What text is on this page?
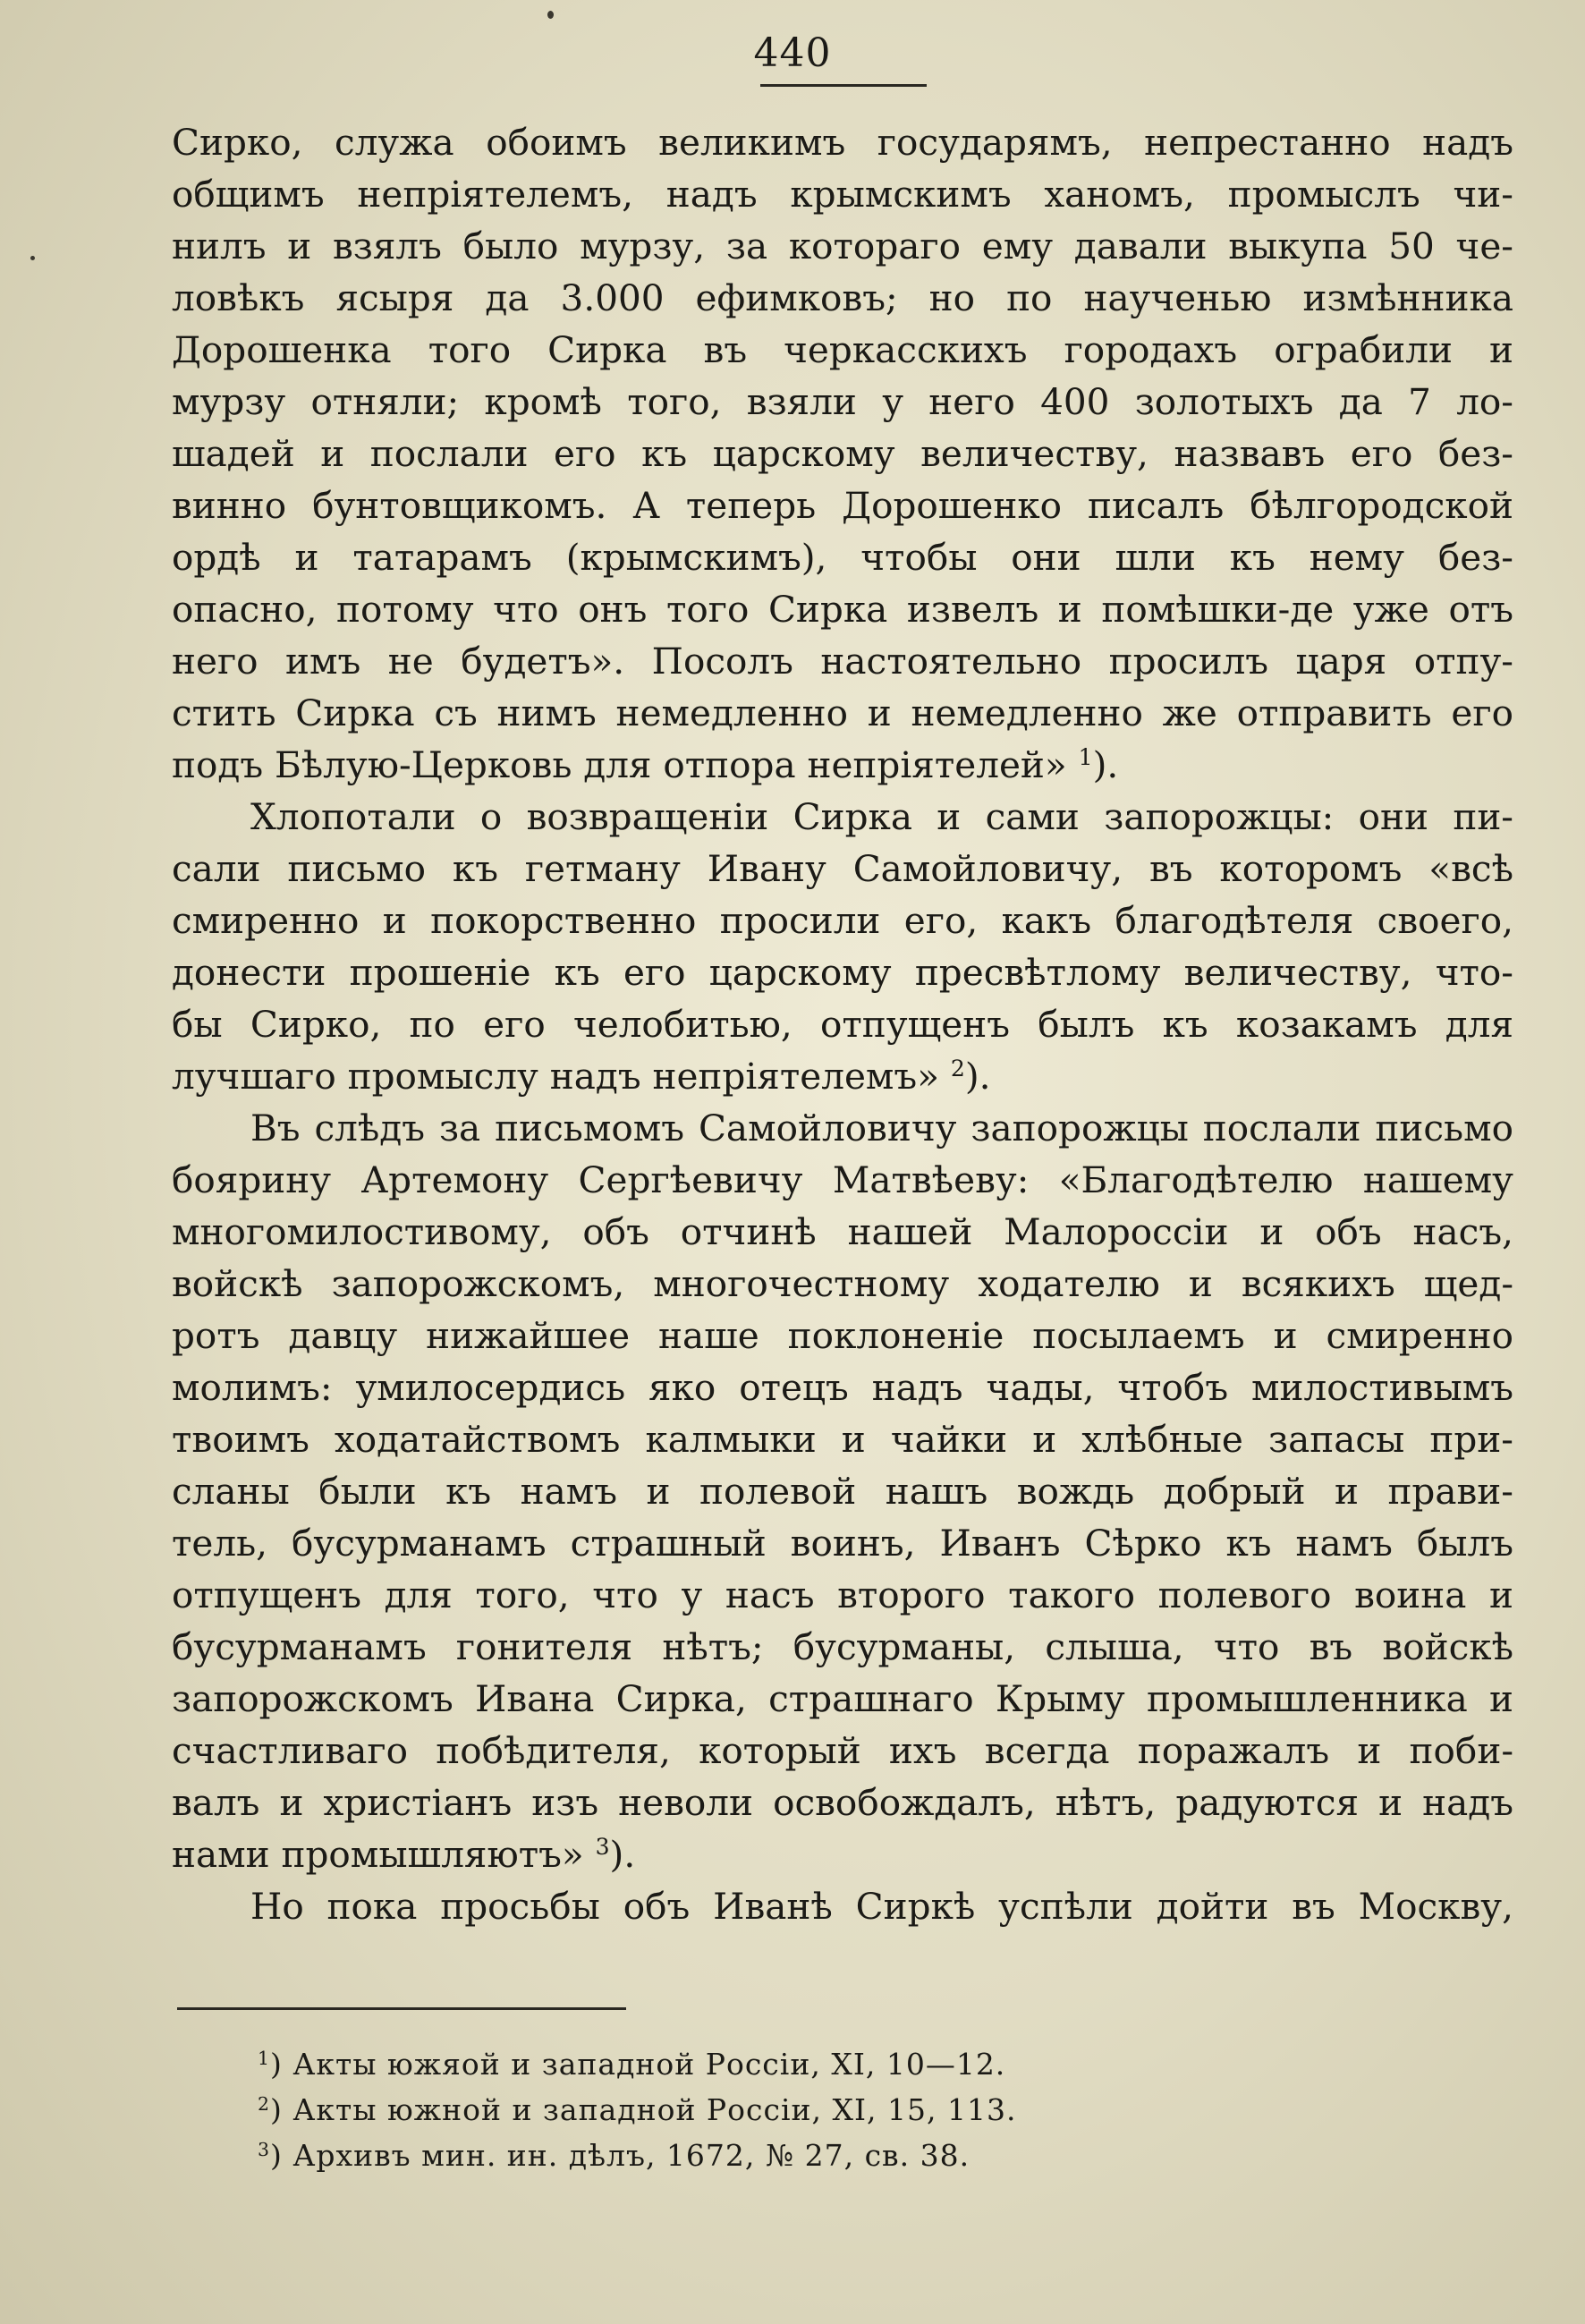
440
Сирко, служа обоимъ великимъ государямъ, непрестанно надъ
общимъ непріятелемъ, надъ крымскимъ ханомъ, промыслъ чи-
нилъ и взялъ было мурзу, за котораго ему давали выкупа 50 че-
ловѣкъ ясыря да 3.000 ефимковъ; но по наученью измѣнника
Дорошенка того Сирка въ черкасскихъ городахъ ограбили и
мурзу отняли; кромѣ того, взяли у него 400 золотыхъ да 7 ло-
шадей и послали его къ царскому величеству, назвавъ его без-
винно бунтовщикомъ. А теперь Дорошенко писалъ бѣлгородской
ордѣ и татарамъ (крымскимъ), чтобы они шли къ нему без-
опасно, потому что онъ того Сирка извелъ и помѣшки-де уже отъ
него имъ не будетъ». Посолъ настоятельно просилъ царя отпу-
стить Сирка съ нимъ немедленно и немедленно же отправить его
подъ Бѣлую-Церковь для отпора непріятелей» $^1$).
Хлопотали о возвращеніи Сирка и сами запорожцы: они пи-
сали письмо къ гетману Ивану Самойловичу, въ которомъ «всѣ
смиренно и покорственно просили его, какъ благодѣтеля своего,
донести прошеніе къ его царскому пресвѣтлому величеству, что-
бы Сирко, по его челобитью, отпущенъ былъ къ козакамъ для
лучшаго промыслу надъ непріятелемъ» $^2$).
Въ слѣдъ за письмомъ Самойловичу запорожцы послали письмо
боярину Артемону Сергѣевичу Матвѣеву: «Благодѣтелю нашему
многомилостивому, объ отчинѣ нашей Малороссіи и объ насъ,
войскѣ запорожскомъ, многочестному ходателю и всякихъ щед-
ротъ давцу нижайшее наше поклоненіе посылаемъ и смиренно
молимъ: умилосердись яко отецъ надъ чады, чтобъ милостивымъ
твоимъ ходатайствомъ калмыки и чайки и хлѣбные запасы при-
сланы были къ намъ и полевой нашъ вождь добрый и прави-
тель, бусурманамъ страшный воинъ, Иванъ Сѣрко къ намъ былъ
отпущенъ для того, что у насъ второго такого полевого воина и
бусурманамъ гонителя нѣтъ; бусурманы, слыша, что въ войскѣ
запорожскомъ Ивана Сирка, страшнаго Крыму промышленника и
счастливаго побѣдителя, который ихъ всегда поражалъ и поби-
валъ и христіанъ изъ неволи освобождалъ, нѣтъ, радуются и надъ
нами промышляютъ» $^3$).
Но пока просьбы объ Иванѣ Сиркѣ успѣли дойти въ Москву,
$^1$) Акты южяой и западной Россіи, XI, 10—12.
$^2$) Акты южной и западной Россіи, XI, 15, 113.
$^3$) Архивъ мин. ин. дѣлъ, 1672, № 27, св. 38.
